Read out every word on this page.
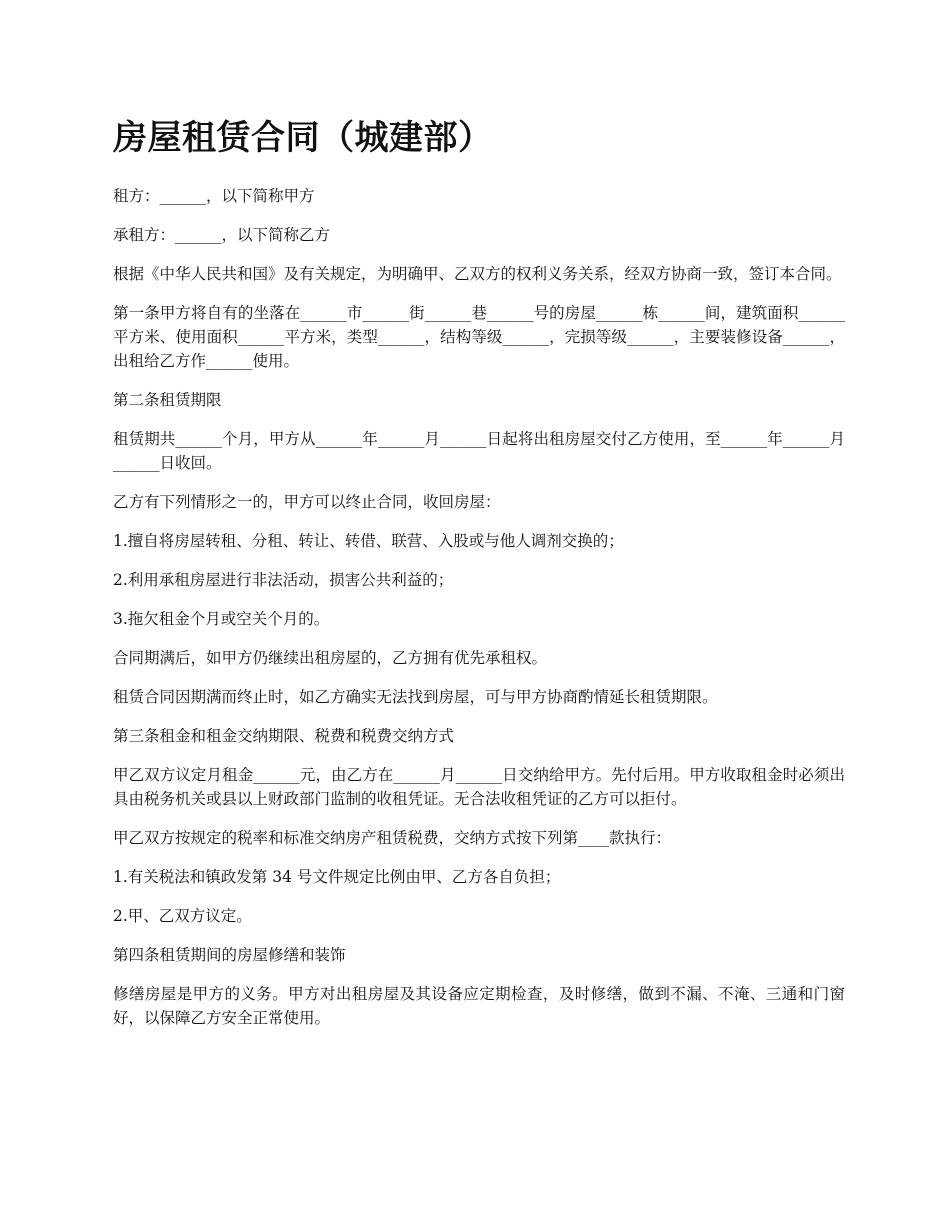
房屋租赁合同（城建部）

租方：______，以下简称甲方

承租方：______，以下简称乙方

根据《中华人民共和国》及有关规定，为明确甲、乙双方的权利义务关系，经双方协商一致，签订本合同。

第一条甲方将自有的坐落在______市______街______巷______号的房屋______栋______间，建筑面积______平方米、使用面积______平方米，类型______，结构等级______，完损等级______，主要装修设备______，出租给乙方作______使用。

第二条租赁期限

租赁期共______个月，甲方从______年______月______日起将出租房屋交付乙方使用，至______年______月______日收回。

乙方有下列情形之一的，甲方可以终止合同，收回房屋：

1.擅自将房屋转租、分租、转让、转借、联营、入股或与他人调剂交换的；

2.利用承租房屋进行非法活动，损害公共利益的；

3.拖欠租金个月或空关个月的。

合同期满后，如甲方仍继续出租房屋的，乙方拥有优先承租权。

租赁合同因期满而终止时，如乙方确实无法找到房屋，可与甲方协商酌情延长租赁期限。

第三条租金和租金交纳期限、税费和税费交纳方式

甲乙双方议定月租金______元，由乙方在______月______日交纳给甲方。先付后用。甲方收取租金时必须出具由税务机关或县以上财政部门监制的收租凭证。无合法收租凭证的乙方可以拒付。

甲乙双方按规定的税率和标准交纳房产租赁税费，交纳方式按下列第____款执行：

1.有关税法和镇政发第 34 号文件规定比例由甲、乙方各自负担；

2.甲、乙双方议定。

第四条租赁期间的房屋修缮和装饰

修缮房屋是甲方的义务。甲方对出租房屋及其设备应定期检查，及时修缮，做到不漏、不淹、三通和门窗好，以保障乙方安全正常使用。
